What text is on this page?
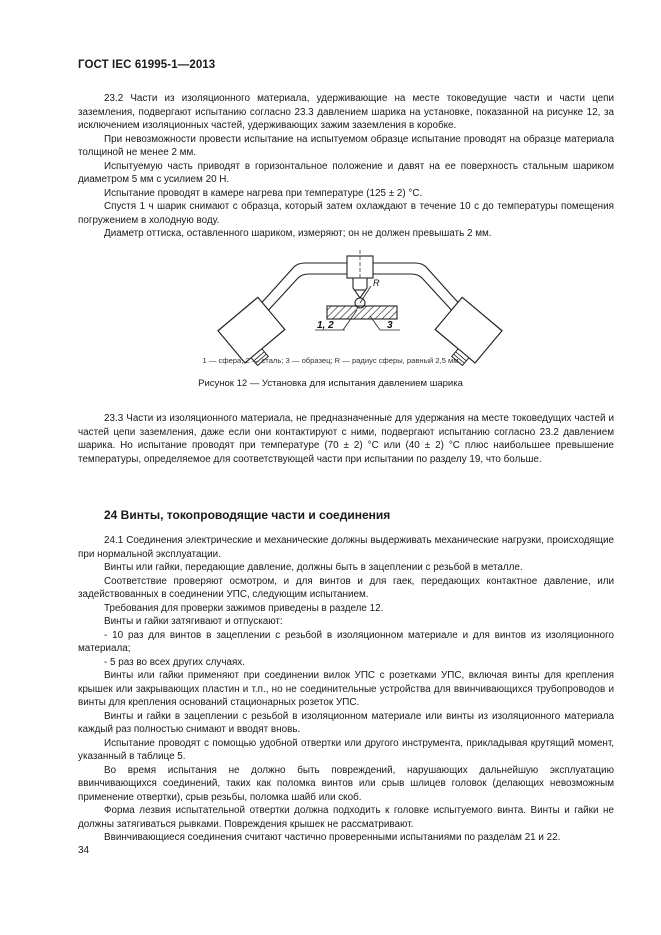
ГОСТ IEC 61995-1—2013

23.2 Части из изоляционного материала, удерживающие на месте токоведущие части и части цепи заземления, подвергают испытанию согласно 23.3 давлением шарика на установке, показанной на рисунке 12, за исключением изоляционных частей, удерживающих зажим заземления в коробке.

При невозможности провести испытание на испытуемом образце испытание проводят на образце материала толщиной не менее 2 мм.

Испытуемую часть приводят в горизонтальное положение и давят на ее поверхность стальным шариком диаметром 5 мм с усилием 20 Н.

Испытание проводят в камере нагрева при температуре (125 ± 2) °С.

Спустя 1 ч шарик снимают с образца, который затем охлаждают в течение 10 с до температуры помещения погружением в холодную воду.

Диаметр оттиска, оставленного шариком, измеряют; он не должен превышать 2 мм.

R
1, 2	3
1 — сфера; 2 — сталь; 3 — образец; R — радиус сферы, равный 2,5 мм
Рисунок 12 — Установка для испытания давлением шарика

23.3 Части из изоляционного материала, не предназначенные для удержания на месте токоведущих частей и частей цепи заземления, даже если они контактируют с ними, подвергают испытанию согласно 23.2 давлением шарика. Но испытание проводят при температуре (70 ± 2) °С или (40 ± 2) °С плюс наибольшее превышение температуры, определяемое для соответствующей части при испытании по разделу 19, что больше.

24 Винты, токопроводящие части и соединения

24.1 Соединения электрические и механические должны выдерживать механические нагрузки, происходящие при нормальной эксплуатации.

Винты или гайки, передающие давление, должны быть в зацеплении с резьбой в металле.

Соответствие проверяют осмотром, и для винтов и для гаек, передающих контактное давление, или задействованных в соединении УПС, следующим испытанием.

Требования для проверки зажимов приведены в разделе 12.

Винты и гайки затягивают и отпускают:

- 10 раз для винтов в зацеплении с резьбой в изоляционном материале и для винтов из изоляционного материала;

- 5 раз во всех других случаях.

Винты или гайки применяют при соединении вилок УПС с розетками УПС, включая винты для крепления крышек или закрывающих пластин и т.п., но не соединительные устройства для ввинчивающихся трубопроводов и винты для крепления оснований стационарных розеток УПС.

Винты и гайки в зацеплении с резьбой в изоляционном материале или винты из изоляционного материала каждый раз полностью снимают и вводят вновь.

Испытание проводят с помощью удобной отвертки или другого инструмента, прикладывая крутящий момент, указанный в таблице 5.

Во время испытания не должно быть повреждений, нарушающих дальнейшую эксплуатацию ввинчивающихся соединений, таких как поломка винтов или срыв шлицев головок (делающих невозможным применение отвертки), срыв резьбы, поломка шайб или скоб.

Форма лезвия испытательной отвертки должна подходить к головке испытуемого винта. Винты и гайки не должны затягиваться рывками. Повреждения крышек не рассматривают.

Ввинчивающиеся соединения считают частично проверенными испытаниями по разделам 21 и 22.

34
